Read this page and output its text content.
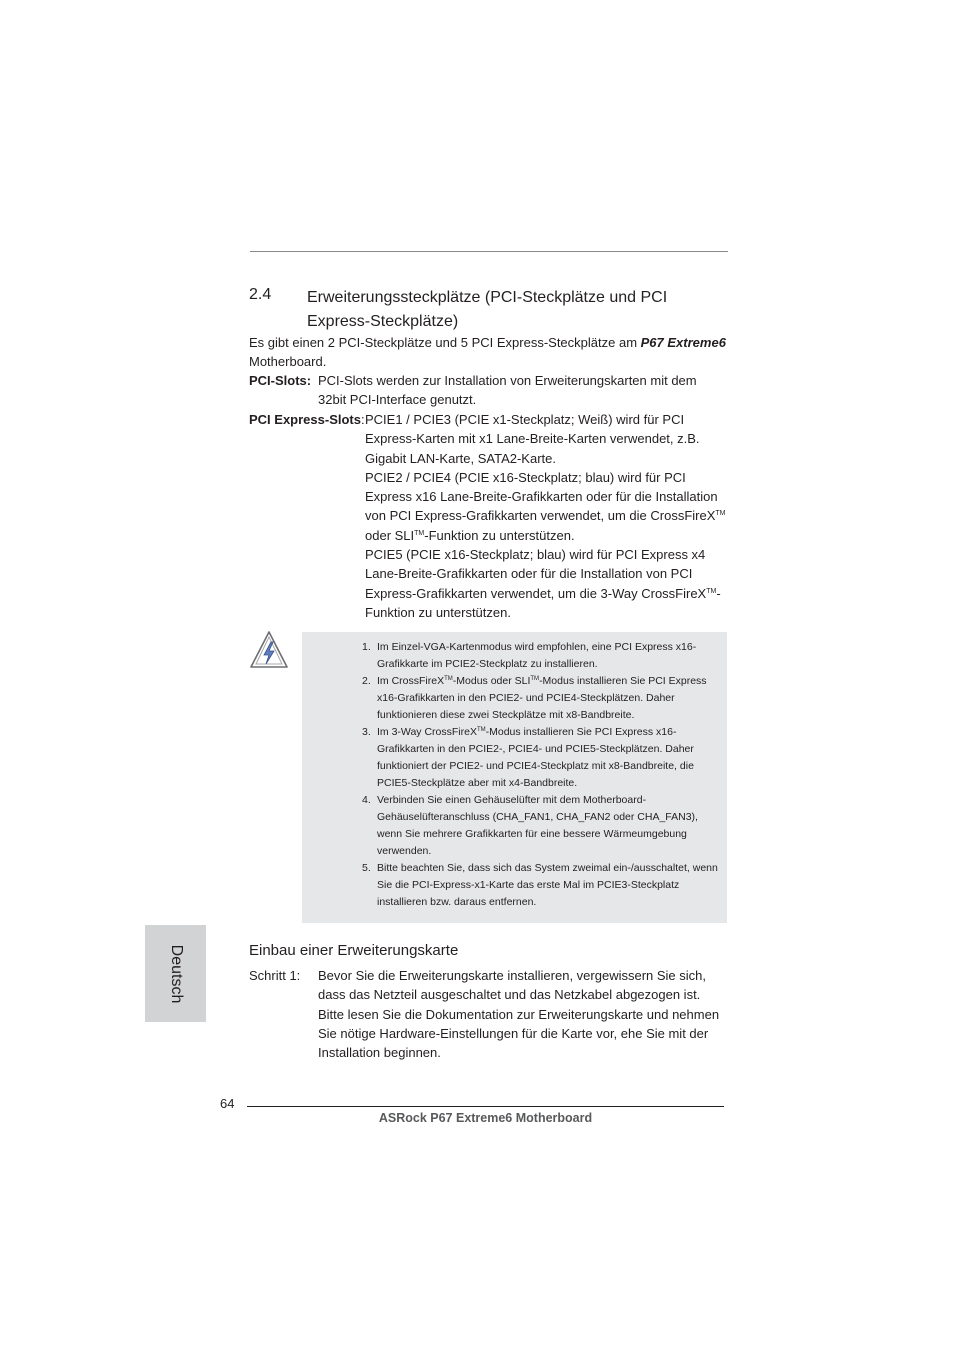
2.4 Erweiterungssteckplätze (PCI-Steckplätze und PCI
Express-Steckplätze)
Es gibt einen 2 PCI-Steckplätze und 5 PCI Express-Steckplätze am P67 Extreme6 Motherboard.
PCI-Slots: PCI-Slots werden zur Installation von Erweiterungskarten mit dem 32bit PCI-Interface genutzt.
PCI Express-Slots: PCIE1 / PCIE3 (PCIE x1-Steckplatz; Weiß) wird für PCI Express-Karten mit x1 Lane-Breite-Karten verwendet, z.B. Gigabit LAN-Karte, SATA2-Karte.

PCIE2 / PCIE4 (PCIE x16-Steckplatz; blau) wird für PCI Express x16 Lane-Breite-Grafikkarten oder für die Installation von PCI Express-Grafikkarten verwendet, um die CrossFireX™ oder SLI™-Funktion zu unterstützen.

PCIE5 (PCIE x16-Steckplatz; blau) wird für PCI Express x4 Lane-Breite-Grafikkarten oder für die Installation von PCI Express-Grafikkarten verwendet, um die 3-Way CrossFireX™-Funktion zu unterstützen.

1. Im Einzel-VGA-Kartenmodus wird empfohlen, eine PCI Express x16-Grafikkarte im PCIE2-Steckplatz zu installieren.
2. Im CrossFireX™-Modus oder SLI™-Modus installieren Sie PCI Express x16-Grafikkarten in den PCIE2- und PCIE4-Steckplätzen. Daher funktionieren diese zwei Steckplätze mit x8-Bandbreite.
3. Im 3-Way CrossFireX™-Modus installieren Sie PCI Express x16-Grafikkarten in den PCIE2-, PCIE4- und PCIE5-Steckplätzen. Daher funktioniert der PCIE2- und PCIE4-Steckplatz mit x8-Bandbreite, die PCIE5-Steckplätze aber mit x4-Bandbreite.
4. Verbinden Sie einen Gehäuselüfter mit dem Motherboard-Gehäuselüfteranschluss (CHA_FAN1, CHA_FAN2 oder CHA_FAN3), wenn Sie mehrere Grafikkarten für eine bessere Wärmeumgebung verwenden.
5. Bitte beachten Sie, dass sich das System zweimal ein-/ausschaltet, wenn Sie die PCI-Express-x1-Karte das erste Mal im PCIE3-Steckplatz installieren bzw. daraus entfernen.
Deutsch	Einbau einer Erweiterungskarte
Schritt 1: Bevor Sie die Erweiterungskarte installieren, vergewissern Sie sich, dass das Netzteil ausgeschaltet und das Netzkabel abgezogen ist. Bitte lesen Sie die Dokumentation zur Erweiterungskarte und nehmen Sie nötige Hardware-Einstellungen für die Karte vor, ehe Sie mit der Installation beginnen.
64
ASRock P67 Extreme6 Motherboard
